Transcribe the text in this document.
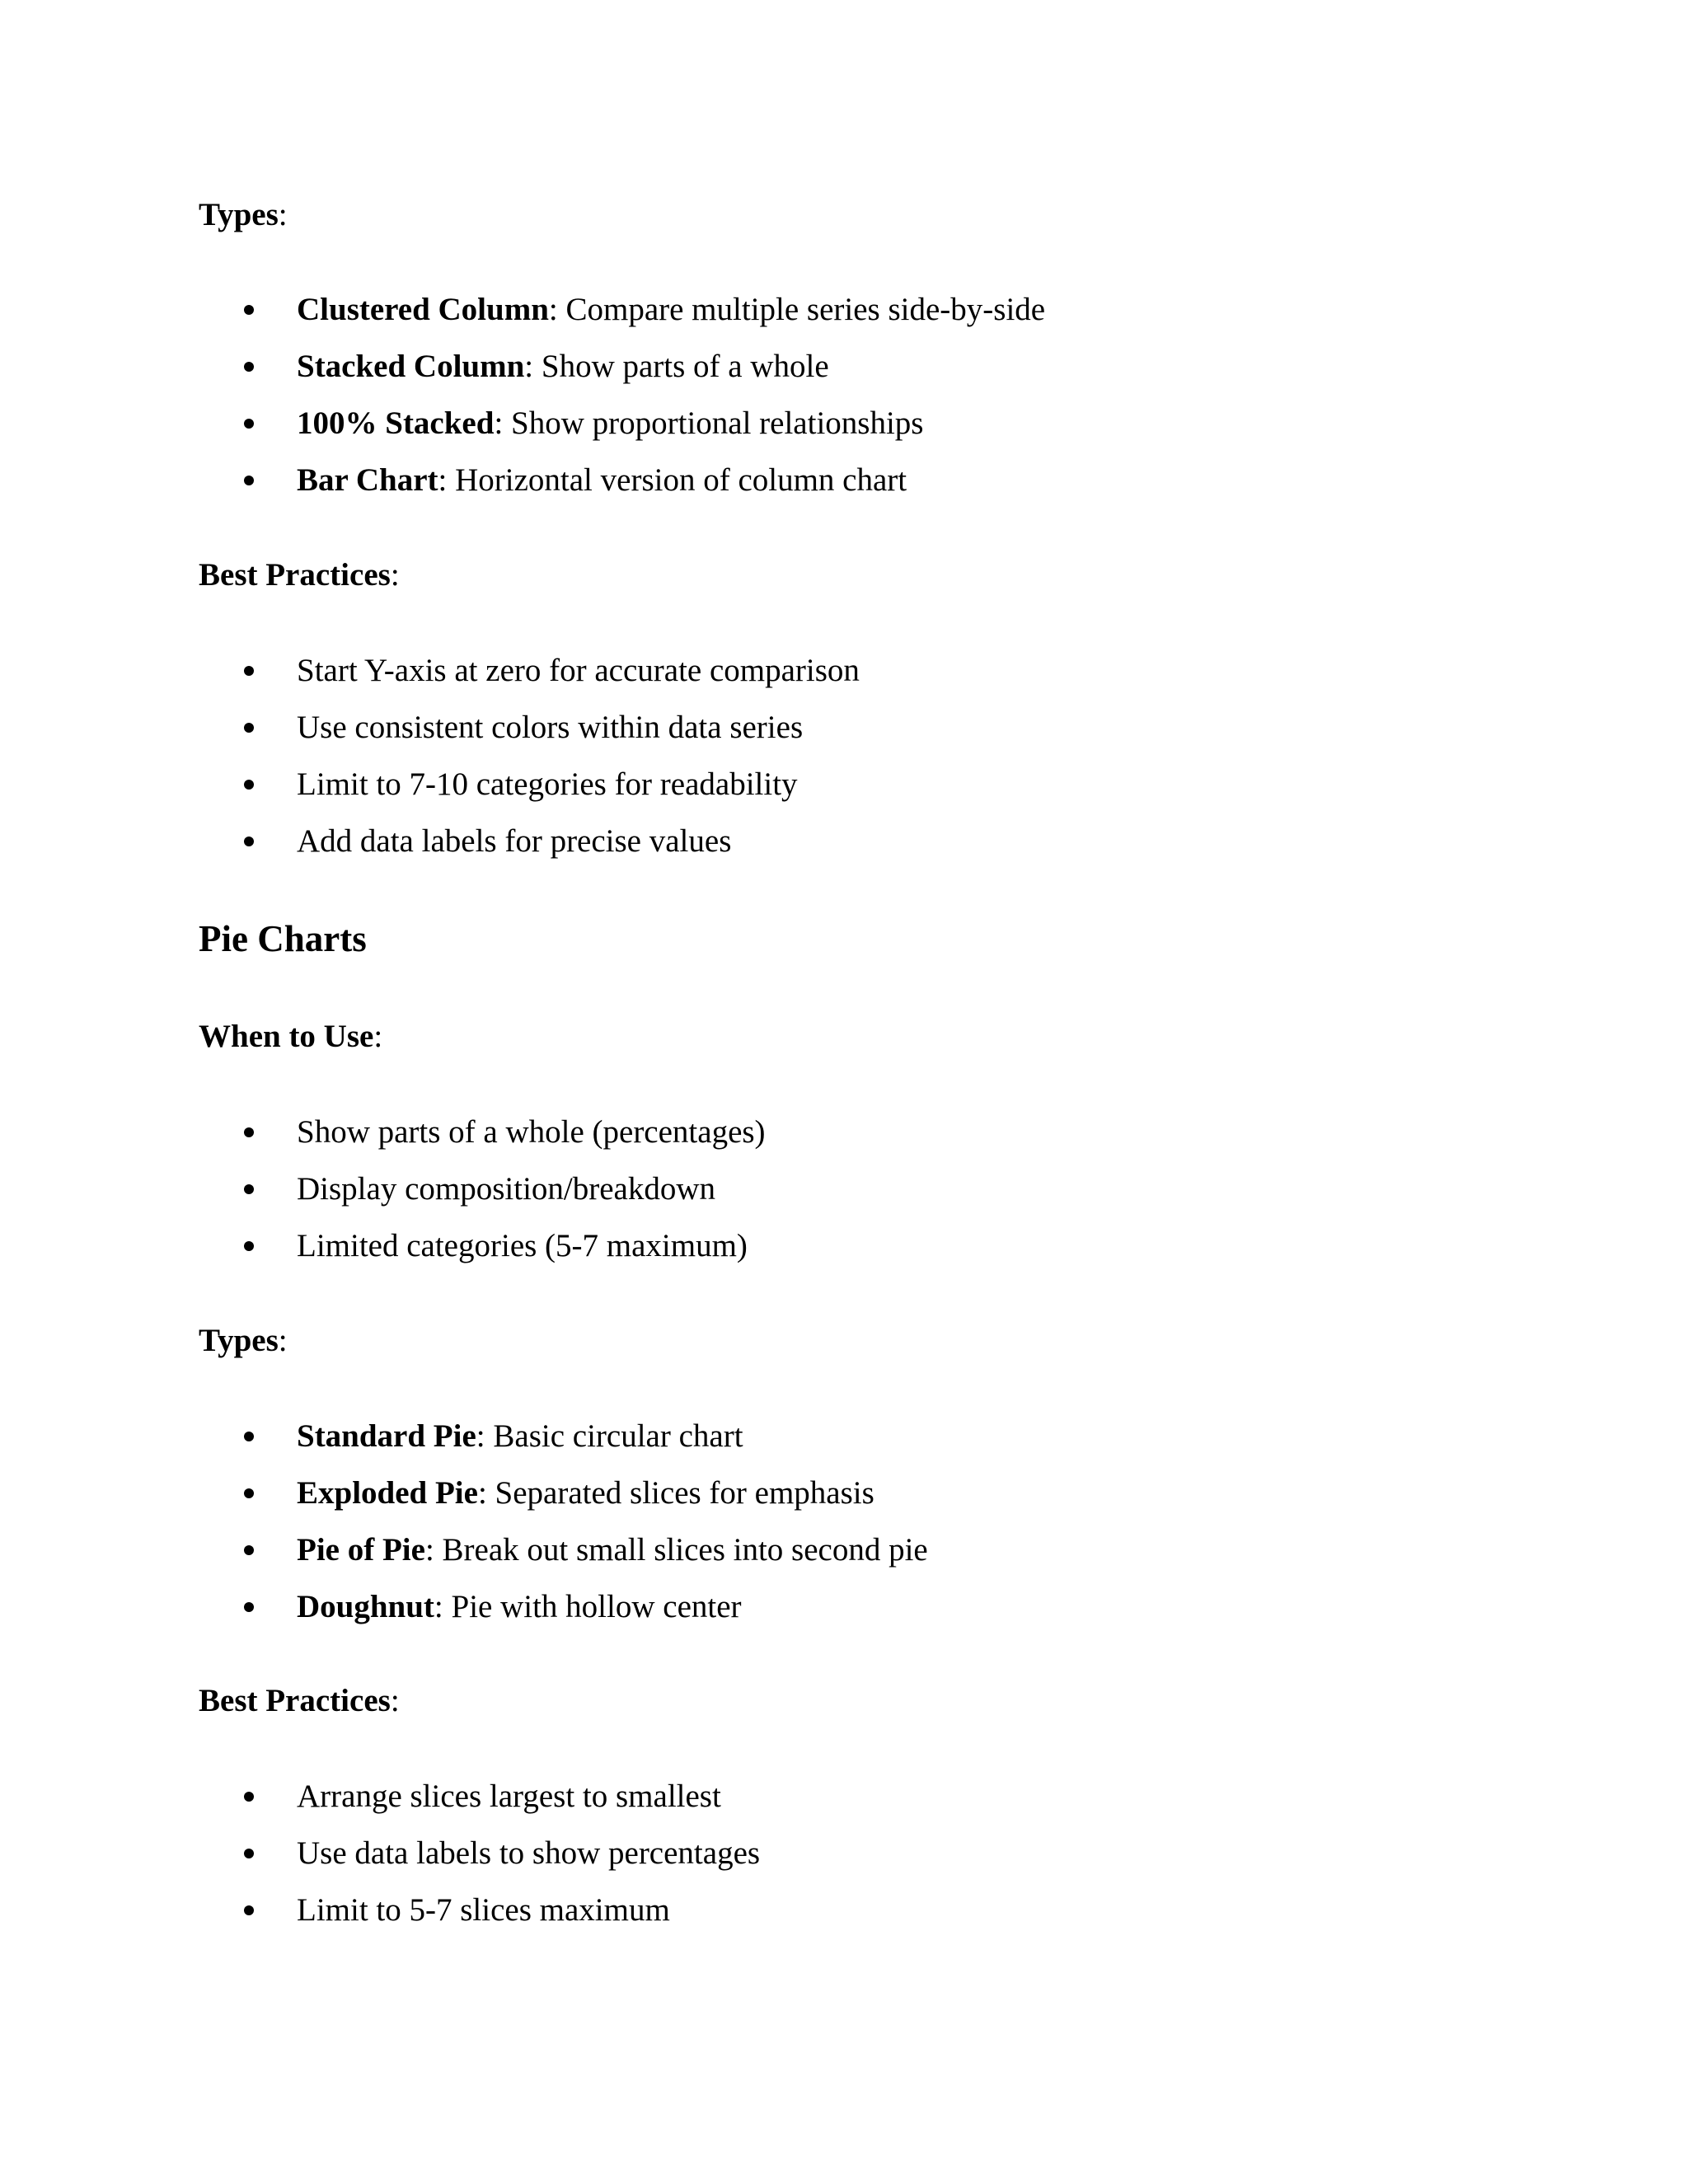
Types:
Clustered Column: Compare multiple series side-by-side
Stacked Column: Show parts of a whole
100% Stacked: Show proportional relationships
Bar Chart: Horizontal version of column chart
Best Practices:
Start Y-axis at zero for accurate comparison
Use consistent colors within data series
Limit to 7-10 categories for readability
Add data labels for precise values
Pie Charts
When to Use:
Show parts of a whole (percentages)
Display composition/breakdown
Limited categories (5-7 maximum)
Types:
Standard Pie: Basic circular chart
Exploded Pie: Separated slices for emphasis
Pie of Pie: Break out small slices into second pie
Doughnut: Pie with hollow center
Best Practices:
Arrange slices largest to smallest
Use data labels to show percentages
Limit to 5-7 slices maximum
